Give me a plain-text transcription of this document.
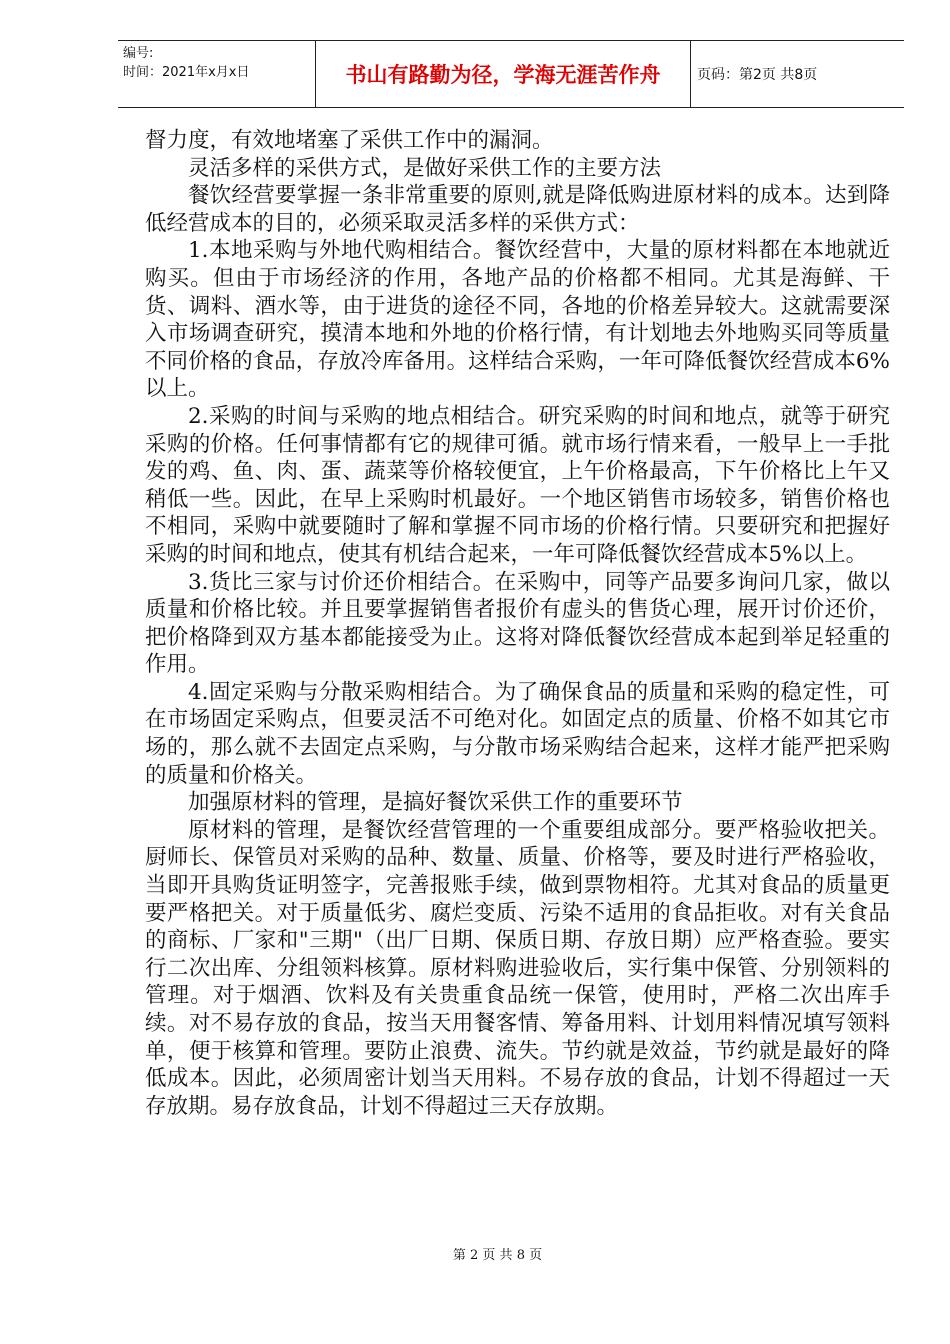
编号:
时间：2021年x月x日	书山有路勤为径，学海无涯苦作舟	页码：第2页 共8页

督力度，有效地堵塞了采供工作中的漏洞。

灵活多样的采供方式，是做好采供工作的主要方法

餐饮经营要掌握一条非常重要的原则,就是降低购进原材料的成本。达到降低经营成本的目的，必须采取灵活多样的采供方式：

1.本地采购与外地代购相结合。餐饮经营中，大量的原材料都在本地就近购买。但由于市场经济的作用，各地产品的价格都不相同。尤其是海鲜、干货、调料、酒水等，由于进货的途径不同，各地的价格差异较大。这就需要深入市场调查研究，摸清本地和外地的价格行情，有计划地去外地购买同等质量不同价格的食品，存放冷库备用。这样结合采购，一年可降低餐饮经营成本6%以上。

2.采购的时间与采购的地点相结合。研究采购的时间和地点，就等于研究采购的价格。任何事情都有它的规律可循。就市场行情来看，一般早上一手批发的鸡、鱼、肉、蛋、蔬菜等价格较便宜，上午价格最高，下午价格比上午又稍低一些。因此，在早上采购时机最好。一个地区销售市场较多，销售价格也不相同，采购中就要随时了解和掌握不同市场的价格行情。只要研究和把握好采购的时间和地点，使其有机结合起来，一年可降低餐饮经营成本5%以上。

3.货比三家与讨价还价相结合。在采购中，同等产品要多询问几家，做以质量和价格比较。并且要掌握销售者报价有虚头的售货心理，展开讨价还价，把价格降到双方基本都能接受为止。这将对降低餐饮经营成本起到举足轻重的作用。

4.固定采购与分散采购相结合。为了确保食品的质量和采购的稳定性，可在市场固定采购点，但要灵活不可绝对化。如固定点的质量、价格不如其它市场的，那么就不去固定点采购，与分散市场采购结合起来，这样才能严把采购的质量和价格关。

加强原材料的管理，是搞好餐饮采供工作的重要环节

原材料的管理，是餐饮经营管理的一个重要组成部分。要严格验收把关。厨师长、保管员对采购的品种、数量、质量、价格等，要及时进行严格验收，当即开具购货证明签字，完善报账手续，做到票物相符。尤其对食品的质量更要严格把关。对于质量低劣、腐烂变质、污染不适用的食品拒收。对有关食品的商标、厂家和"三期"（出厂日期、保质日期、存放日期）应严格查验。要实行二次出库、分组领料核算。原材料购进验收后，实行集中保管、分别领料的管理。对于烟酒、饮料及有关贵重食品统一保管，使用时，严格二次出库手续。对不易存放的食品，按当天用餐客情、筹备用料、计划用料情况填写领料单，便于核算和管理。要防止浪费、流失。节约就是效益，节约就是最好的降低成本。因此，必须周密计划当天用料。不易存放的食品，计划不得超过一天存放期。易存放食品，计划不得超过三天存放期。

第 2 页 共 8 页
